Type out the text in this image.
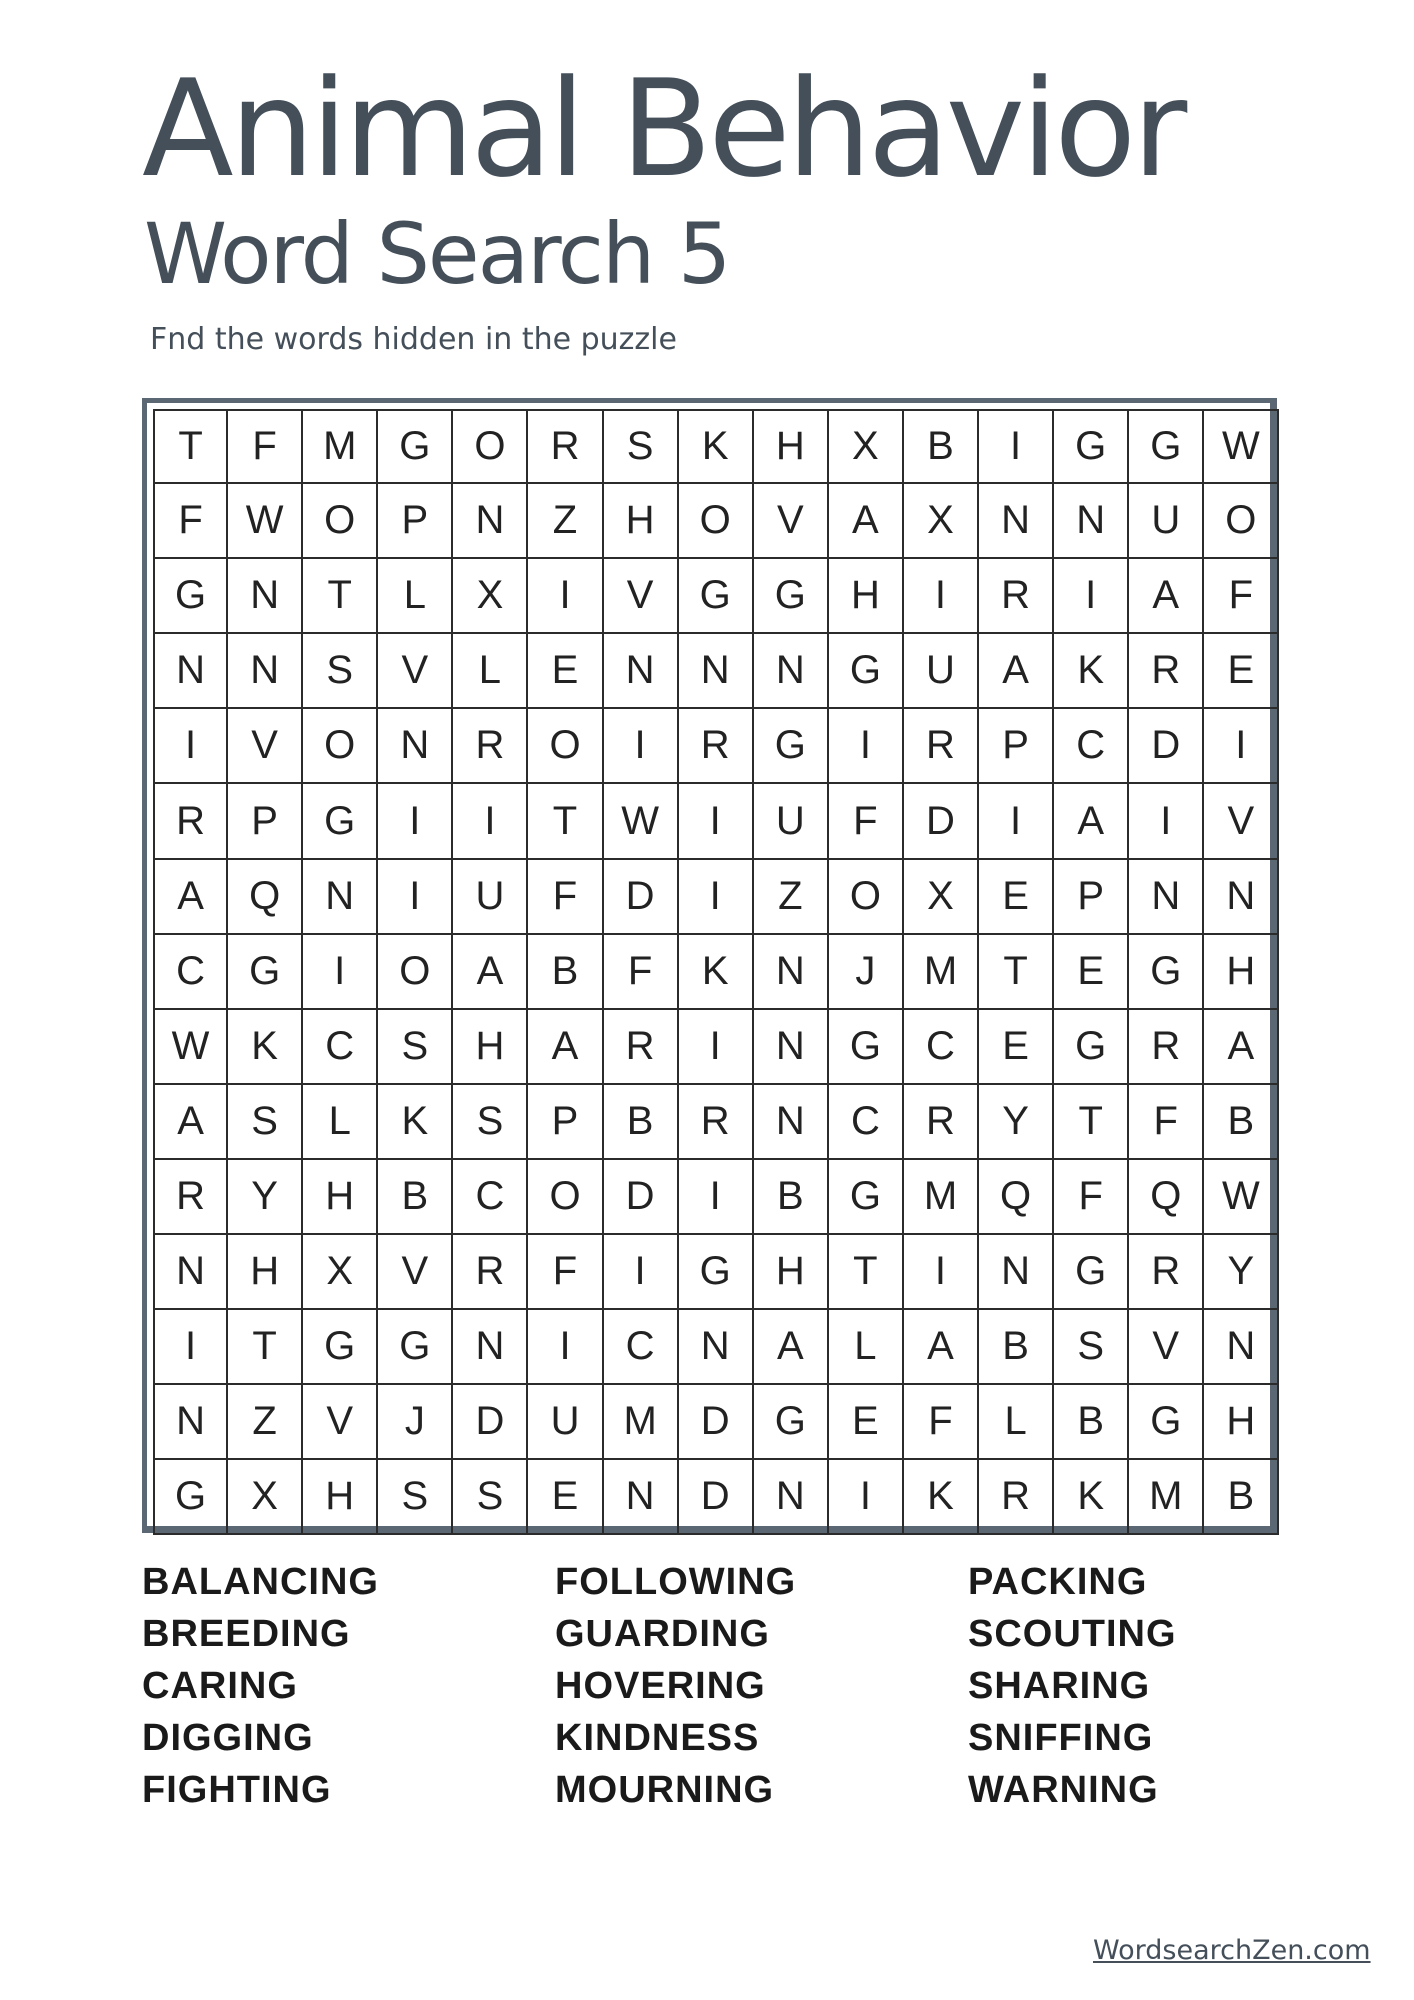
Animal Behavior
Word Search 5
Fnd the words hidden in the puzzle
T	F	M	G	O	R	S	K	H	X	B	I	G	G	W
F	W	O	P	N	Z	H	O	V	A	X	N	N	U	O
G	N	T	L	X	I	V	G	G	H	I	R	I	A	F
N	N	S	V	L	E	N	N	N	G	U	A	K	R	E
I	V	O	N	R	O	I	R	G	I	R	P	C	D	I
R	P	G	I	I	T	W	I	U	F	D	I	A	I	V
A	Q	N	I	U	F	D	I	Z	O	X	E	P	N	N
C	G	I	O	A	B	F	K	N	J	M	T	E	G	H
W	K	C	S	H	A	R	I	N	G	C	E	G	R	A
A	S	L	K	S	P	B	R	N	C	R	Y	T	F	B
R	Y	H	B	C	O	D	I	B	G	M	Q	F	Q	W
N	H	X	V	R	F	I	G	H	T	I	N	G	R	Y
I	T	G	G	N	I	C	N	A	L	A	B	S	V	N
N	Z	V	J	D	U	M	D	G	E	F	L	B	G	H
G	X	H	S	S	E	N	D	N	I	K	R	K	M	B
BALANCING
BREEDING
CARING
DIGGING
FIGHTING
FOLLOWING
GUARDING
HOVERING
KINDNESS
MOURNING
PACKING
SCOUTING
SHARING
SNIFFING
WARNING
WordsearchZen.com
